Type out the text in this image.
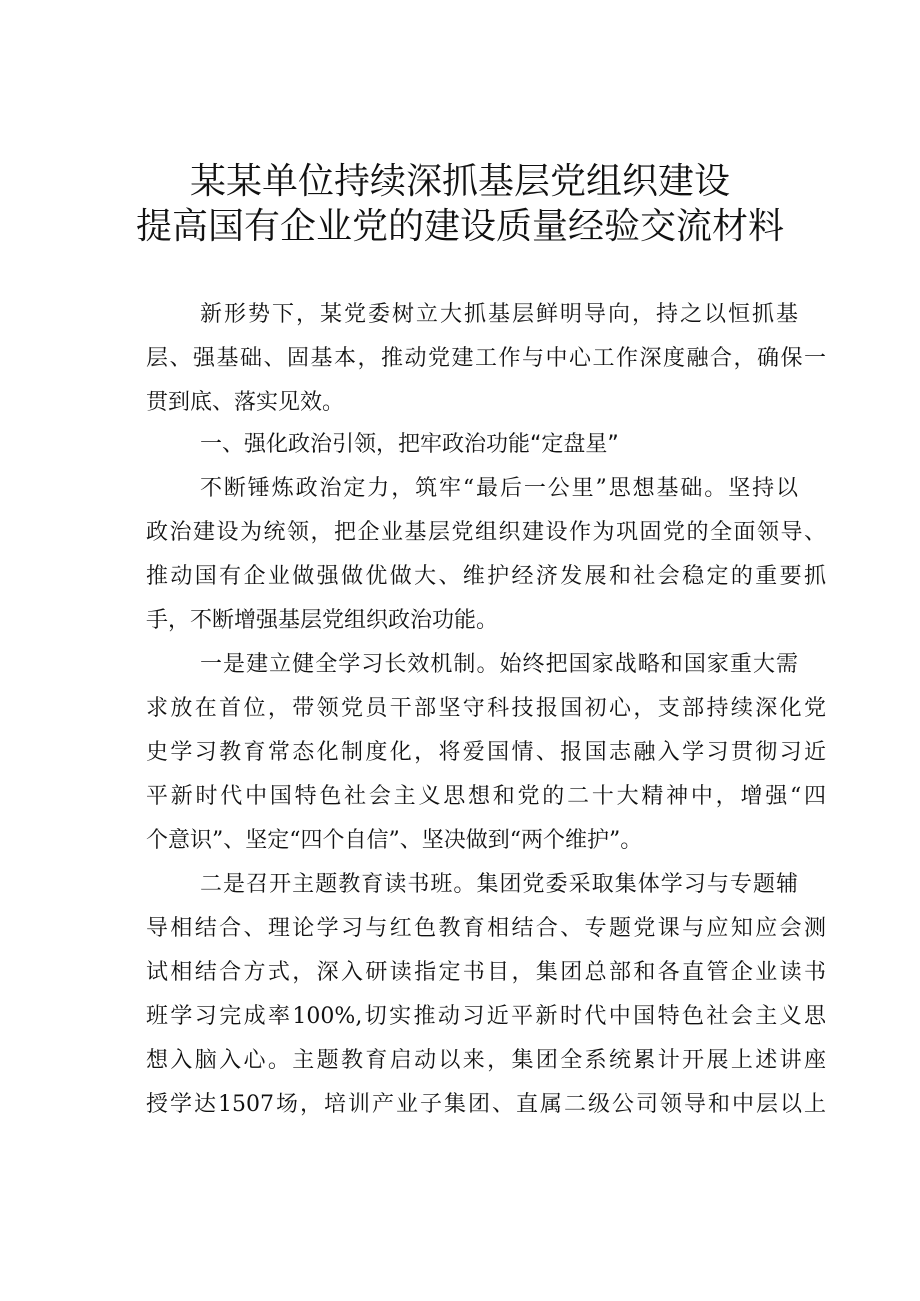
某某单位持续深抓基层党组织建设
提高国有企业党的建设质量经验交流材料
新形势下，某党委树立大抓基层鲜明导向，持之以恒抓基
层、强基础、固基本，推动党建工作与中心工作深度融合，确保一
贯到底、落实见效。
一、强化政治引领，把牢政治功能“定盘星”
不断锤炼政治定力，筑牢“最后一公里”思想基础。坚持以
政治建设为统领，把企业基层党组织建设作为巩固党的全面领导、
推动国有企业做强做优做大、维护经济发展和社会稳定的重要抓
手，不断增强基层党组织政治功能。
一是建立健全学习长效机制。始终把国家战略和国家重大需
求放在首位，带领党员干部坚守科技报国初心，支部持续深化党
史学习教育常态化制度化，将爱国情、报国志融入学习贯彻习近
平新时代中国特色社会主义思想和党的二十大精神中，增强“四
个意识”、坚定“四个自信”、坚决做到“两个维护”。
二是召开主题教育读书班。集团党委采取集体学习与专题辅
导相结合、理论学习与红色教育相结合、专题党课与应知应会测
试相结合方式，深入研读指定书目，集团总部和各直管企业读书
班学习完成率100%,切实推动习近平新时代中国特色社会主义思
想入脑入心。主题教育启动以来，集团全系统累计开展上述讲座
授学达1507场，培训产业子集团、直属二级公司领导和中层以上
